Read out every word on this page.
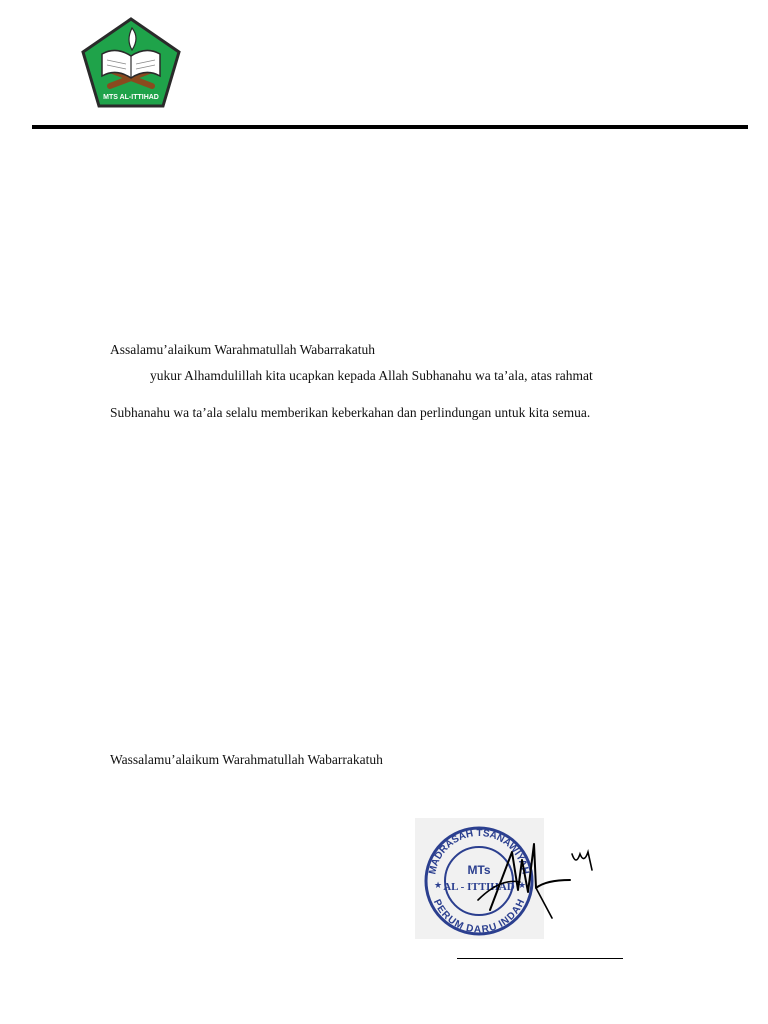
MTS AL-ITTIHAD
Assalamu’alaikum Warahmatullah Wabarrakatuh
yukur Alhamdulillah kita ucapkan kepada Allah Subhanahu wa ta’ala, atas rahmat
Subhanahu wa ta’ala selalu memberikan keberkahan dan perlindungan untuk kita semua.
Wassalamu’alaikum Warahmatullah Wabarrakatuh
MADRASAH TSANAWIYAH
PERUM DARU INDAH
MTs
AL - ITTIHAD
★	★
